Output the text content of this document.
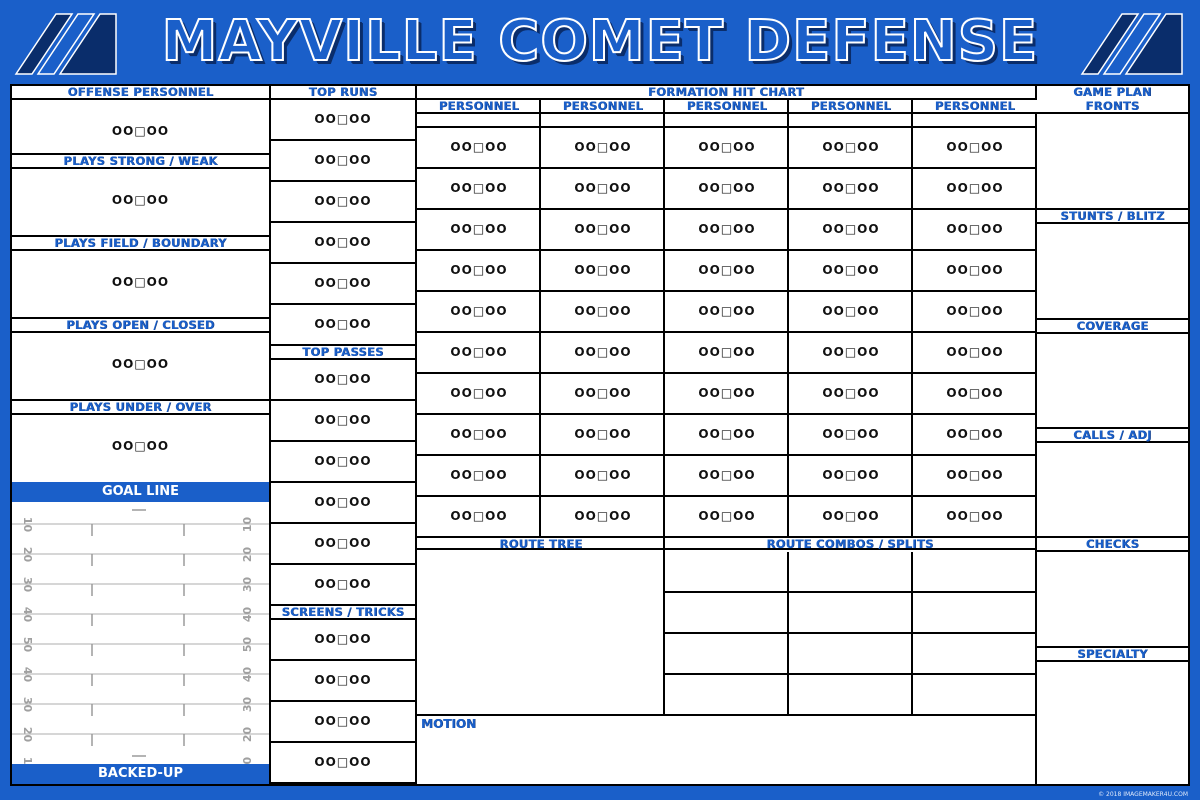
MAYVILLE COMET DEFENSE
OFFENSE PERSONNEL
OO□OO
PLAYS STRONG / WEAK
OO□OO
PLAYS FIELD / BOUNDARY
OO□OO
PLAYS OPEN / CLOSED
OO□OO
PLAYS UNDER / OVER
OO□OO
GOAL LINE
10
20
30
40
50
40
30
20
10
20
30
40
50
40
30
20
BACKED-UP
TOP RUNS
OO□OO
OO□OO
OO□OO
OO□OO
OO□OO
OO□OO
TOP PASSES
OO□OO
OO□OO
OO□OO
OO□OO
OO□OO
OO□OO
SCREENS / TRICKS
OO□OO
OO□OO
OO□OO
OO□OO
FORMATION HIT CHART
PERSONNEL
OO□OO
OO□OO
OO□OO
OO□OO
OO□OO
OO□OO
OO□OO
OO□OO
OO□OO
OO□OO
PERSONNEL
OO□OO
OO□OO
OO□OO
OO□OO
OO□OO
OO□OO
OO□OO
OO□OO
OO□OO
OO□OO
PERSONNEL
OO□OO
OO□OO
OO□OO
OO□OO
OO□OO
OO□OO
OO□OO
OO□OO
OO□OO
OO□OO
PERSONNEL
OO□OO
OO□OO
OO□OO
OO□OO
OO□OO
OO□OO
OO□OO
OO□OO
OO□OO
OO□OO
PERSONNEL
OO□OO
OO□OO
OO□OO
OO□OO
OO□OO
OO□OO
OO□OO
OO□OO
OO□OO
OO□OO
ROUTE TREE	ROUTE COMBOS / SPLITS
MOTION
GAME PLAN
FRONTS
STUNTS / BLITZ
COVERAGE
CALLS / ADJ
CHECKS
SPECIALTY
© 2018 IMAGEMAKER4U.COM
